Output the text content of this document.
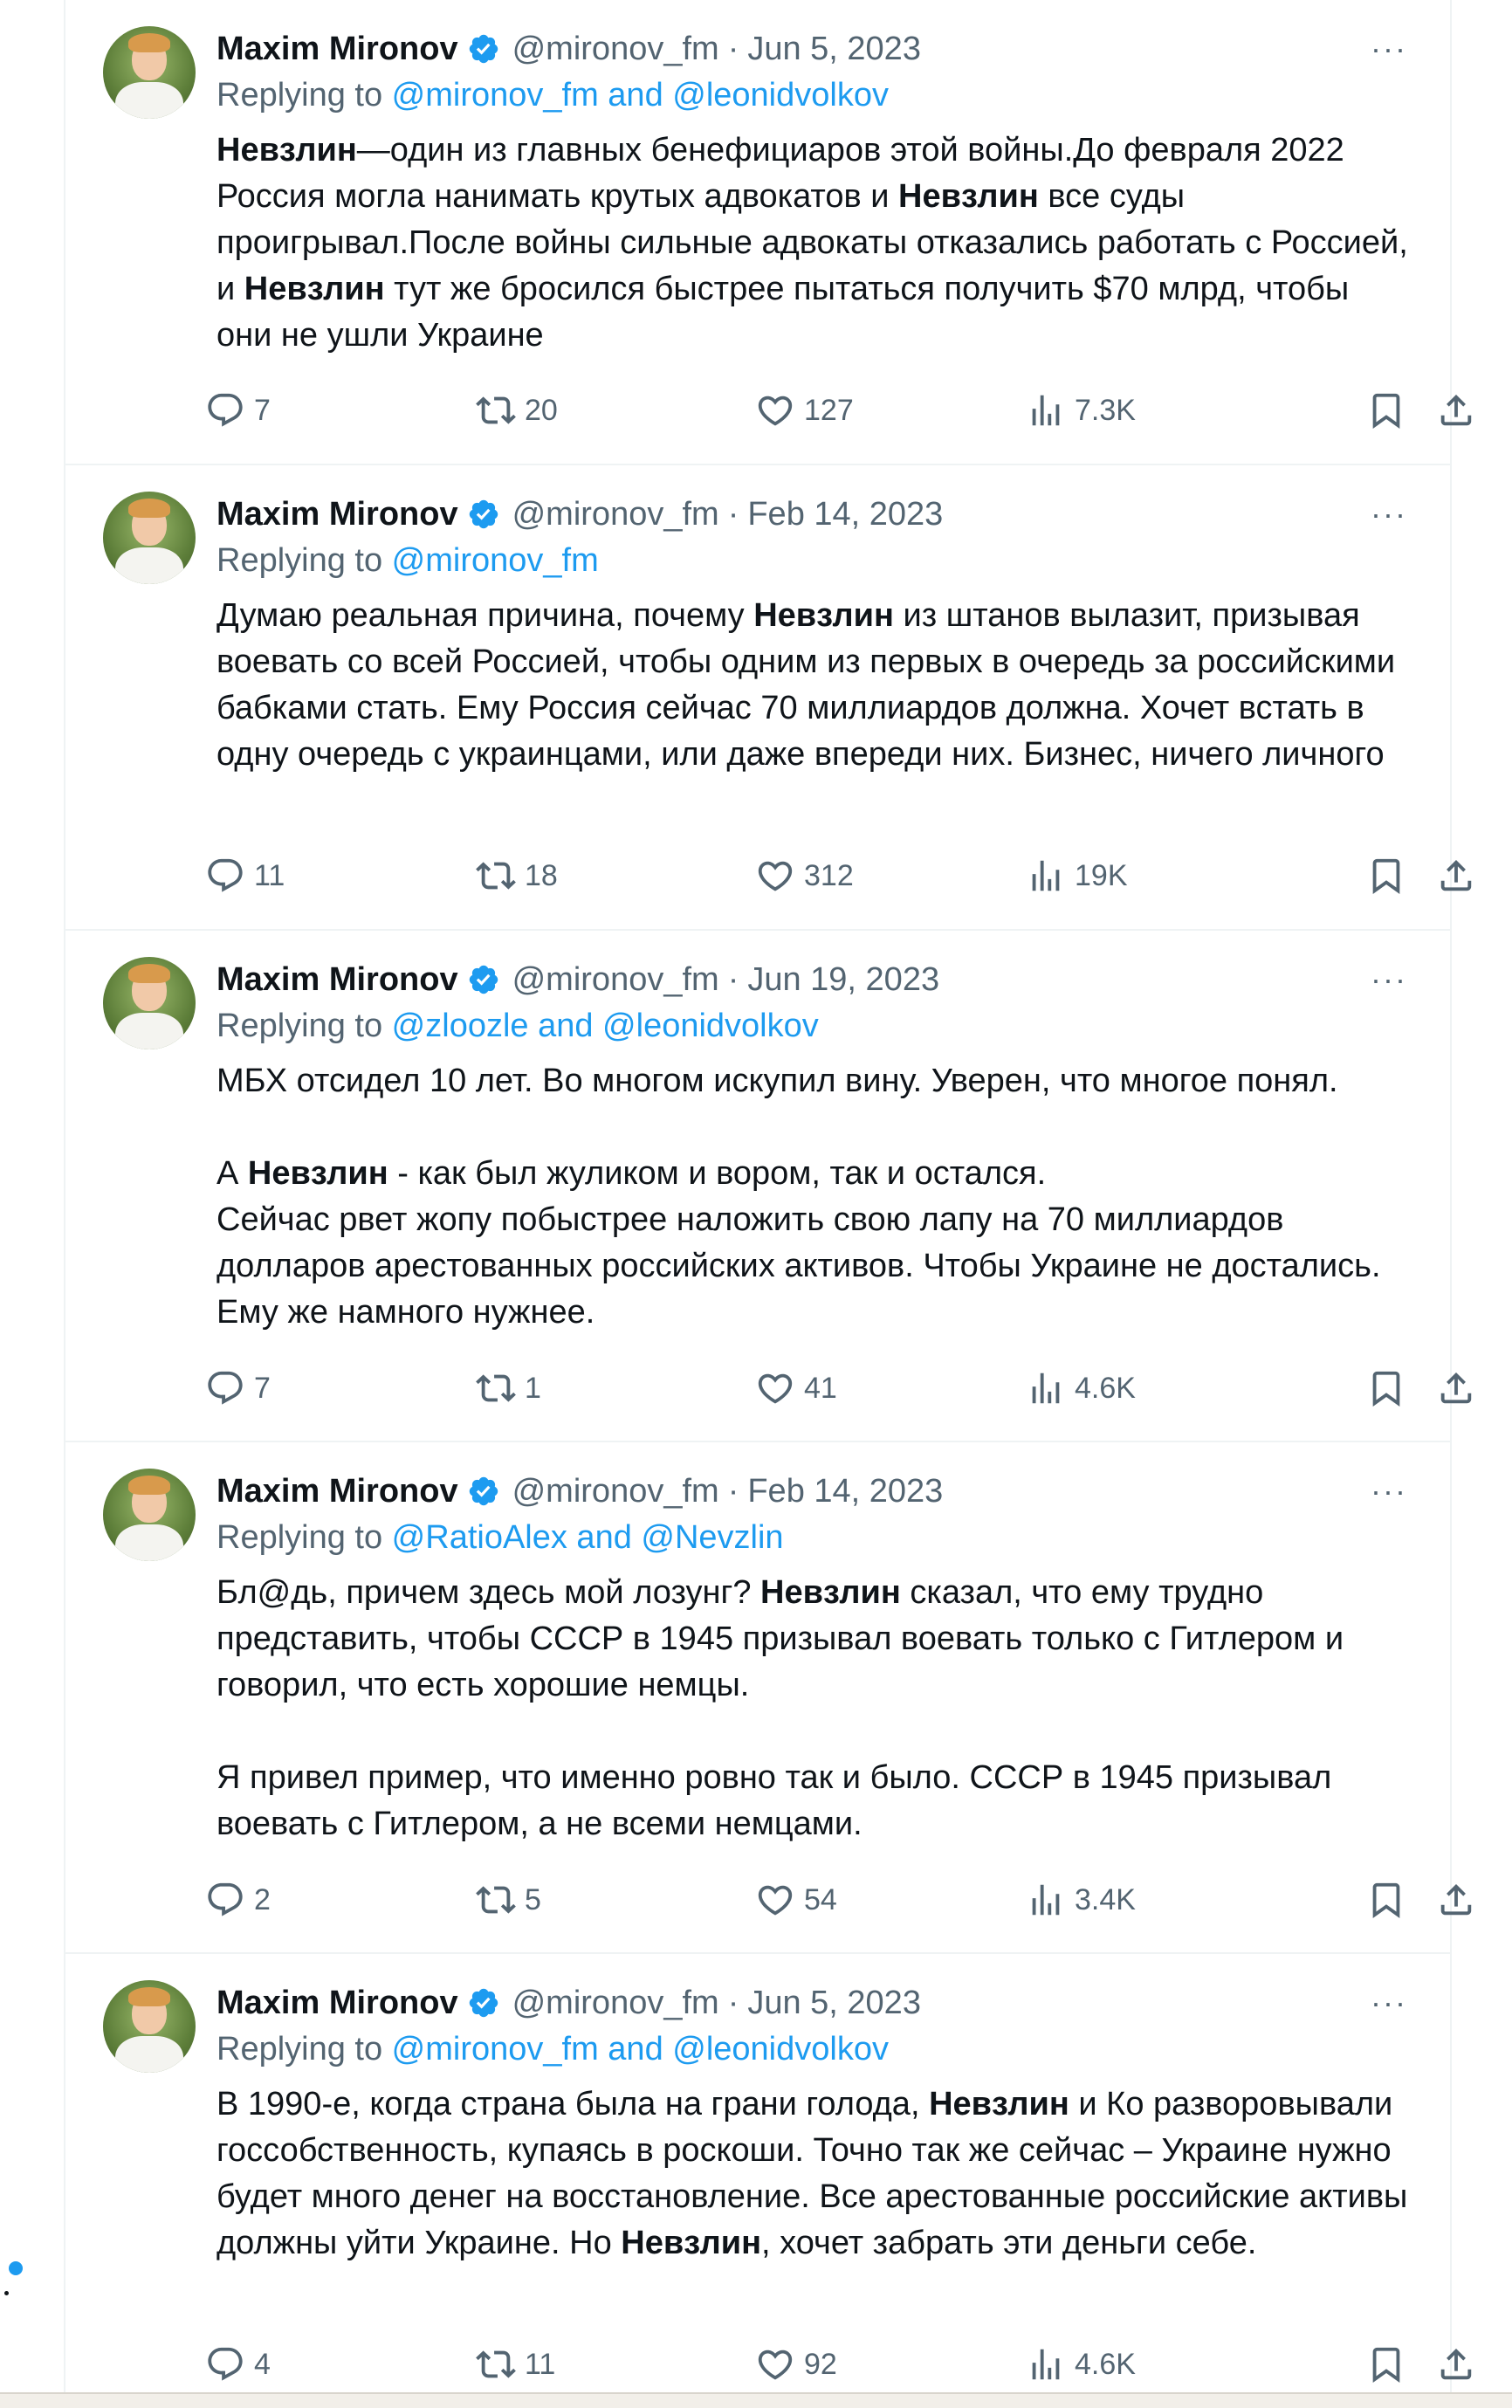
Maxim Mironov @mironov_fm · Jun 5, 2023	···
Replying to @mironov_fm and @leonidvolkov

Невзлин—один из главных бенефициаров этой войны.До февраля 2022 Россия могла нанимать крутых адвокатов и Невзлин все суды проигрывал.После войны сильные адвокаты отказались работать с Россией, и Невзлин тут же бросился быстрее пытаться получить $70 млрд, чтобы они не ушли Украине

7	20	127	7.3K
Maxim Mironov @mironov_fm · Feb 14, 2023	···
Replying to @mironov_fm

Думаю реальная причина, почему Невзлин из штанов вылазит, призывая воевать со всей Россией, чтобы одним из первых в очередь за российскими бабками стать. Ему Россия сейчас 70 миллиардов должна. Хочет встать в одну очередь с украинцами, или даже впереди них. Бизнес, ничего личного

11	18	312	19K
Maxim Mironov @mironov_fm · Jun 19, 2023	···
Replying to @zloozle and @leonidvolkov

МБХ отсидел 10 лет. Во многом искупил вину. Уверен, что многое понял.

А Невзлин - как был жуликом и вором, так и остался.

Сейчас рвет жопу побыстрее наложить свою лапу на 70 миллиардов долларов арестованных российских активов. Чтобы Украине не достались. Ему же намного нужнее.

7	1	41	4.6K
Maxim Mironov @mironov_fm · Feb 14, 2023	···
Replying to @RatioAlex and @Nevzlin

Бл@дь, причем здесь мой лозунг? Невзлин сказал, что ему трудно представить, чтобы СССР в 1945 призывал воевать только с Гитлером и говорил, что есть хорошие немцы.

Я привел пример, что именно ровно так и было. СССР в 1945 призывал воевать с Гитлером, а не всеми немцами.

2	5	54	3.4K
Maxim Mironov @mironov_fm · Jun 5, 2023	···
Replying to @mironov_fm and @leonidvolkov

В 1990-е, когда страна была на грани голода, Невзлин и Ко разворовывали госсобственность, купаясь в роскоши. Точно так же сейчас – Украине нужно будет много денег на восстановление. Все арестованные российские активы должны уйти Украине. Но Невзлин, хочет забрать эти деньги себе.

4	11	92	4.6K
